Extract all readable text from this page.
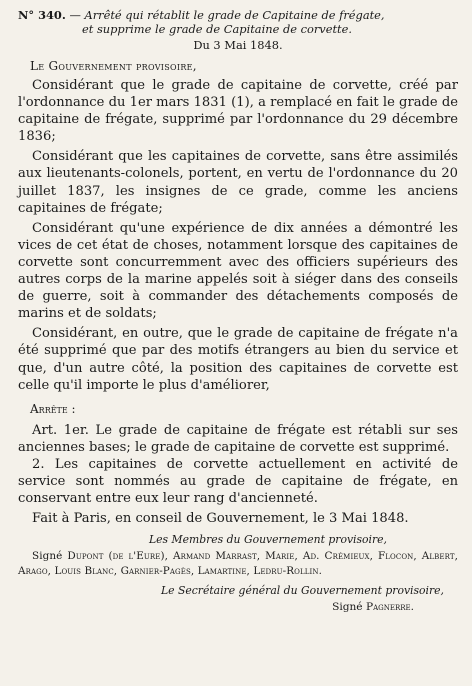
N° 340. — Arrêté qui rétablit le grade de Capitaine de frégate,
et supprime le grade de Capitaine de corvette.
Du 3 Mai 1848.
Le Gouvernement provisoire,

Considérant que le grade de capitaine de corvette, créé par l'ordonnance du 1er mars 1831 (1), a remplacé en fait le grade de capitaine de frégate, supprimé par l'ordonnance du 29 décembre 1836;

Considérant que les capitaines de corvette, sans être assimilés aux lieutenants-colonels, portent, en vertu de l'ordonnance du 20 juillet 1837, les insignes de ce grade, comme les anciens capitaines de frégate;

Considérant qu'une expérience de dix années a démontré les vices de cet état de choses, notamment lorsque des capitaines de corvette sont concurremment avec des officiers supérieurs des autres corps de la marine appelés soit à siéger dans des conseils de guerre, soit à commander des détachements composés de marins et de soldats;

Considérant, en outre, que le grade de capitaine de frégate n'a été supprimé que par des motifs étrangers au bien du service et que, d'un autre côté, la position des capitaines de corvette est celle qu'il importe le plus d'améliorer,

Arrête :

Art. 1er. Le grade de capitaine de frégate est rétabli sur ses anciennes bases; le grade de capitaine de corvette est supprimé.

2. Les capitaines de corvette actuellement en activité de service sont nommés au grade de capitaine de frégate, en conservant entre eux leur rang d'ancienneté.

Fait à Paris, en conseil de Gouvernement, le 3 Mai 1848.
Les Membres du Gouvernement provisoire,

Signé Dupont (de l'Eure), Armand Marrast, Marie, Ad. Crémieux, Flocon, Albert, Arago, Louis Blanc, Garnier-Pagès, Lamartine, Ledru-Rollin.

Le Secrétaire général du Gouvernement provisoire,
Signé Pagnerre.
